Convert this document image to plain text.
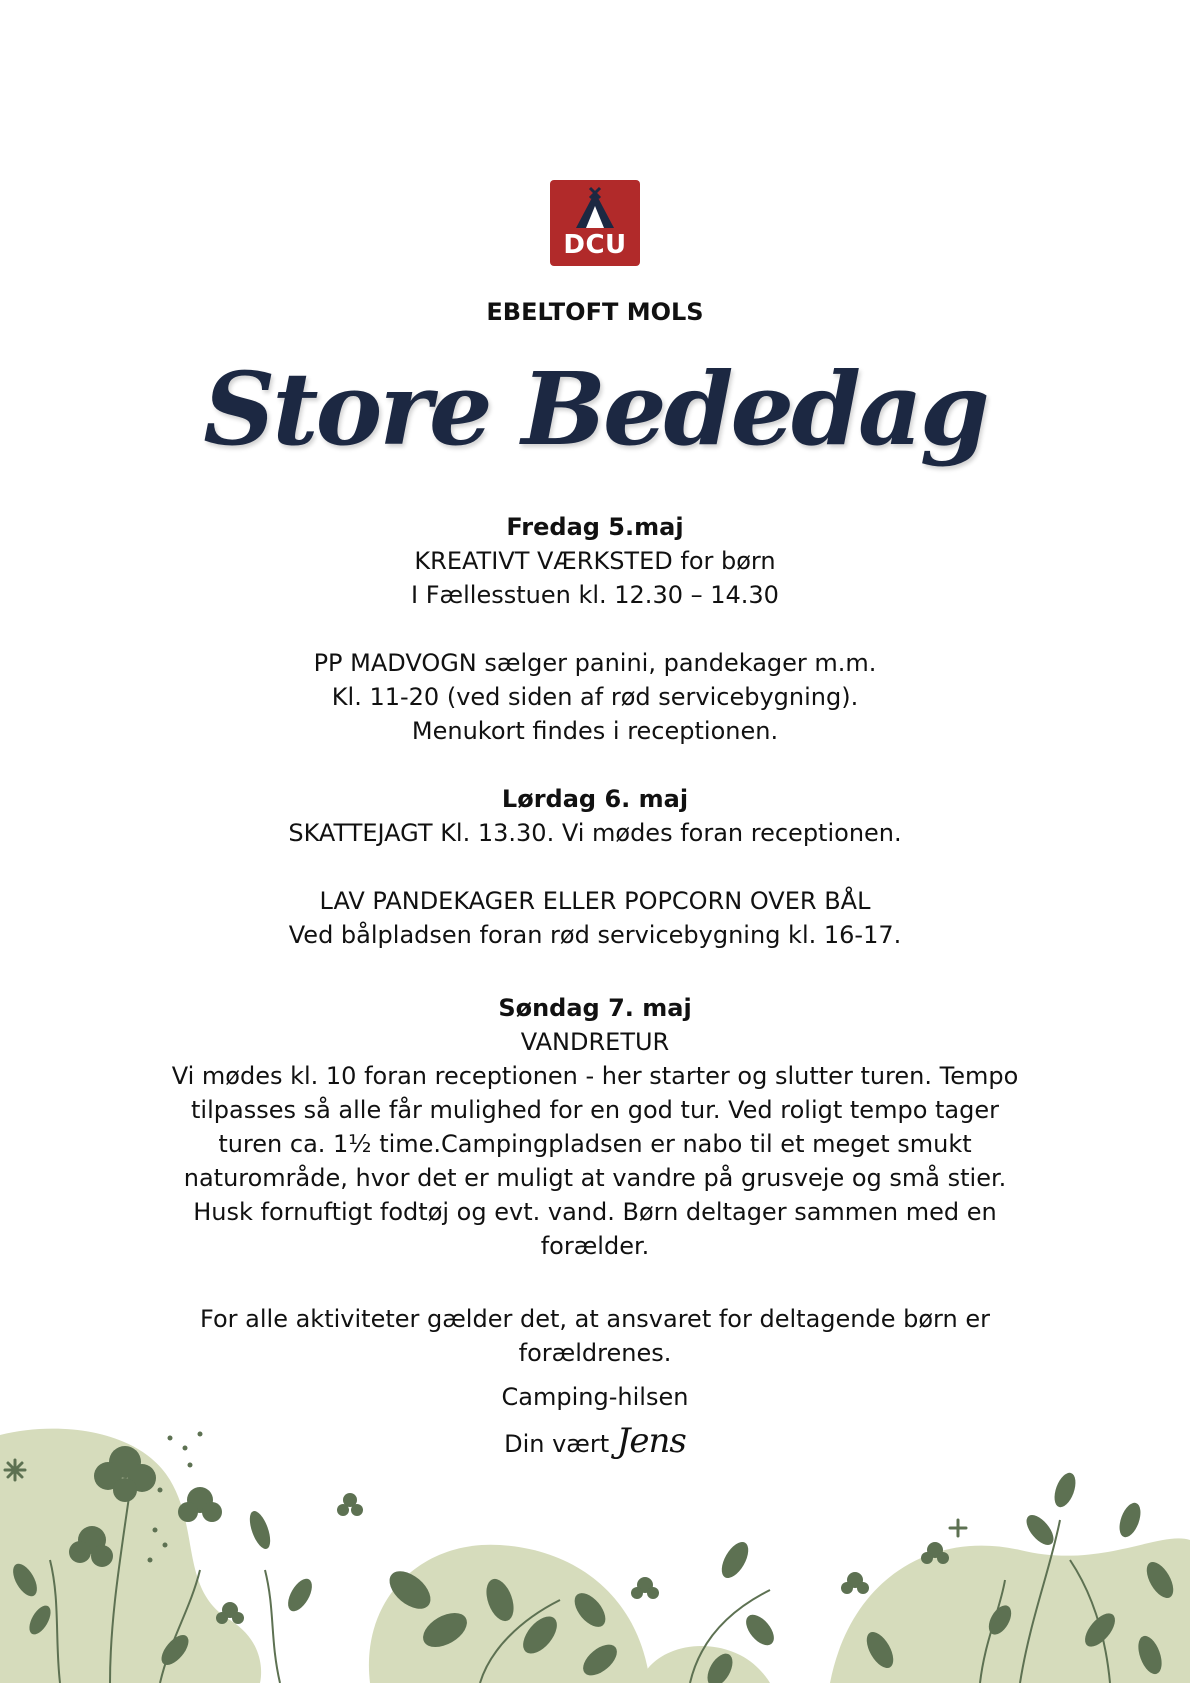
DCU
EBELTOFT MOLS
Store Bededag

Fredag 5.maj

KREATIVT VÆRKSTED for børn

I Fællesstuen kl. 12.30 – 14.30

PP MADVOGN sælger panini, pandekager m.m.

Kl. 11-20 (ved siden af rød servicebygning).

Menukort findes i receptionen.

Lørdag 6. maj

SKATTEJAGT Kl. 13.30. Vi mødes foran receptionen.

LAV PANDEKAGER ELLER POPCORN OVER BÅL

Ved bålpladsen foran rød servicebygning kl. 16-17.

Søndag 7. maj

VANDRETUR

Vi mødes kl. 10 foran receptionen - her starter og slutter turen. Tempo

tilpasses så alle får mulighed for en god tur. Ved roligt tempo tager

turen ca. 1½ time.Campingpladsen er nabo til et meget smukt

naturområde, hvor det er muligt at vandre på grusveje og små stier.

Husk fornuftigt fodtøj og evt. vand. Børn deltager sammen med en

forælder.

For alle aktiviteter gælder det, at ansvaret for deltagende børn er

forældrenes.

Camping-hilsen

Din vært Jens
